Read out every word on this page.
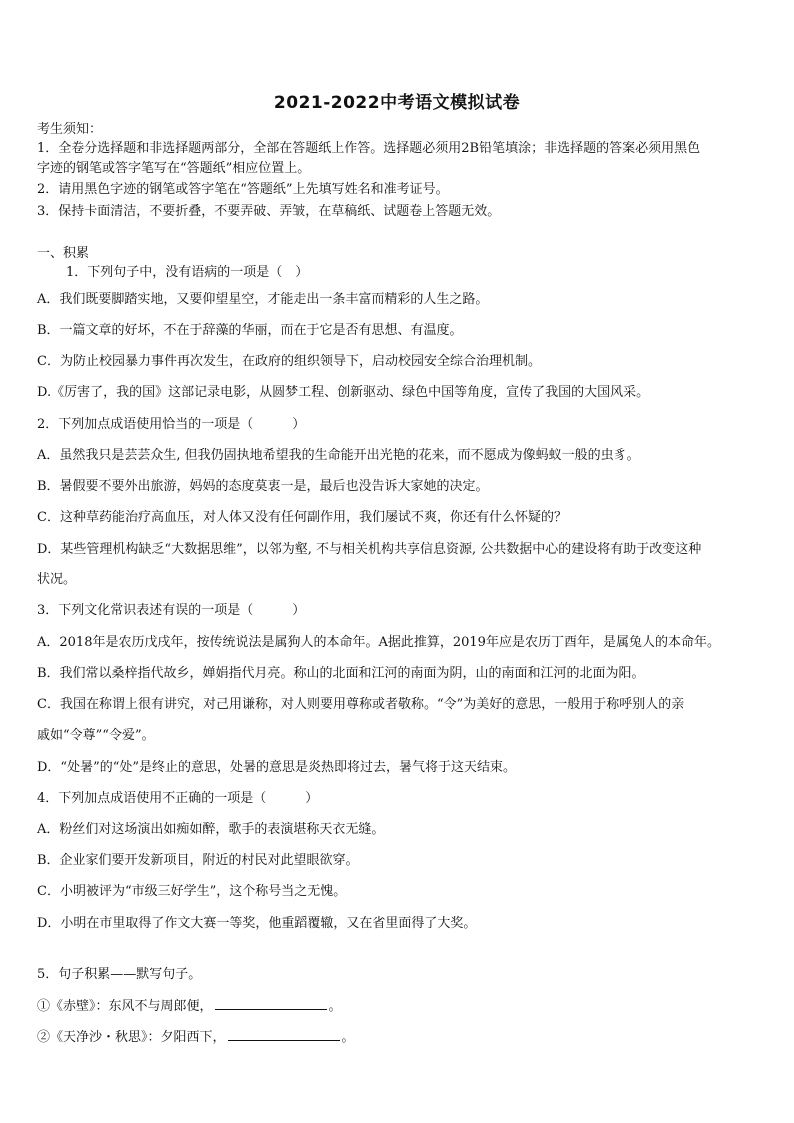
2021-2022中考语文模拟试卷
考生须知：
1．全卷分选择题和非选择题两部分，全部在答题纸上作答。选择题必须用2B铅笔填涂；非选择题的答案必须用黑色
字迹的钢笔或答字笔写在“答题纸”相应位置上。
2．请用黑色字迹的钢笔或答字笔在“答题纸”上先填写姓名和准考证号。
3．保持卡面清洁，不要折叠，不要弄破、弄皱，在草稿纸、试题卷上答题无效。
一、积累
1．下列句子中，没有语病的一项是（　）
A．我们既要脚踏实地，又要仰望星空，才能走出一条丰富而精彩的人生之路。
B．一篇文章的好坏，不在于辞藻的华丽，而在于它是否有思想、有温度。
C．为防止校园暴力事件再次发生，在政府的组织领导下，启动校园安全综合治理机制。
D.《厉害了，我的国》这部记录电影，从圆梦工程、创新驱动、绿色中国等角度，宣传了我国的大国风采。
2．下列加点成语使用恰当的一项是（　　　）
A．虽然我只是芸芸众生, 但我仍固执地希望我的生命能开出光艳的花来，而不愿成为像蚂蚁一般的虫豸。
B．暑假要不要外出旅游，妈妈的态度莫衷一是，最后也没告诉大家她的决定。
C．这种草药能治疗高血压，对人体又没有任何副作用，我们屡试不爽，你还有什么怀疑的？
D．某些管理机构缺乏“大数据思维”，以邻为壑, 不与相关机构共享信息资源, 公共数据中心的建设将有助于改变这种
状况。
3．下列文化常识表述有误的一项是（　　　）
A．2018年是农历戊戌年，按传统说法是属狗人的本命年。A据此推算，2019年应是农历丁酉年，是属兔人的本命年。
B．我们常以桑梓指代故乡，婵娟指代月亮。称山的北面和江河的南面为阴，山的南面和江河的北面为阳。
C．我国在称谓上很有讲究，对己用谦称，对人则要用尊称或者敬称。“令”为美好的意思，一般用于称呼别人的亲
戚如“令尊”“令爱”。
D．“处暑”的“处”是终止的意思，处暑的意思是炎热即将过去，暑气将于这天结束。
4．下列加点成语使用不正确的一项是（　　　）
A．粉丝们对这场演出如痴如醉，歌手的表演堪称天衣无缝。
B．企业家们要开发新项目，附近的村民对此望眼欲穿。
C．小明被评为“市级三好学生”，这个称号当之无愧。
D．小明在市里取得了作文大赛一等奖，他重蹈覆辙，又在省里面得了大奖。
5．句子积累——默写句子。
①《赤壁》：东风不与周郎便，	。
②《天净沙・秋思》：夕阳西下，	。
